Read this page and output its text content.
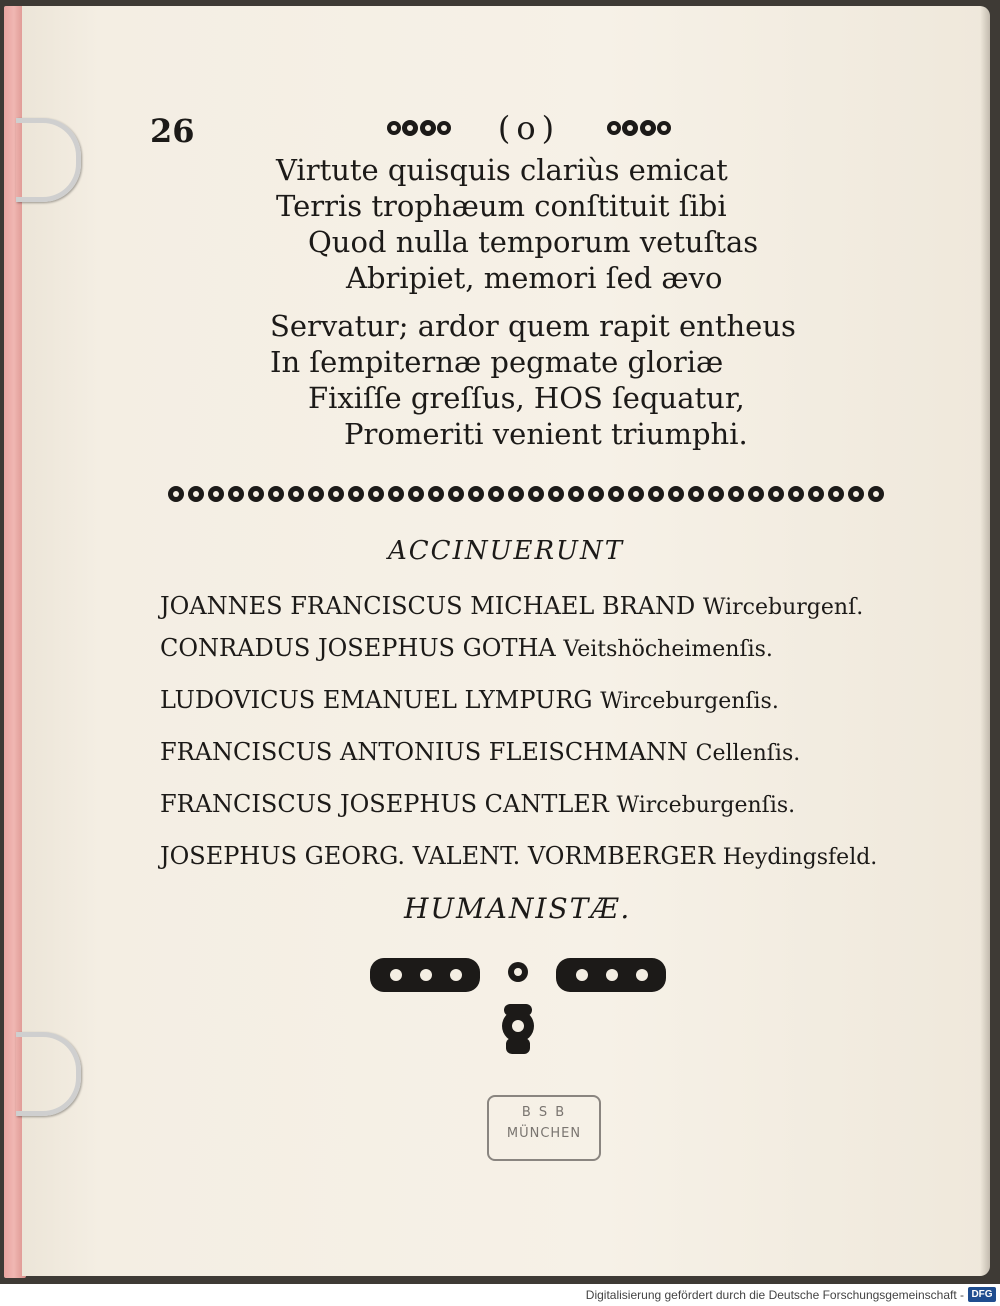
26	(o)
Virtute quisquis clariùs emicat
Terris trophæum conſtituit ſibi
Quod nulla temporum vetuſtas
Abripiet, memori ſed ævo
Servatur; ardor quem rapit entheus
In ſempiternæ pegmate gloriæ
Fixiſſe greſſus, HOS ſequatur,
Promeriti venient triumphi.
ACCINUERUNT
JOANNES FRANCISCUS MICHAEL BRAND Wirceburgenſ.
CONRADUS JOSEPHUS GOTHA Veitshöcheimenſis.
LUDOVICUS EMANUEL LYMPURG Wirceburgenſis.
FRANCISCUS ANTONIUS FLEISCHMANN Cellenſis.
FRANCISCUS JOSEPHUS CANTLER Wirceburgenſis.
JOSEPHUS GEORG. VALENT. VORMBERGER Heydingsfeld.
HUMANISTÆ.
B S B
MÜNCHEN
Digitalisierung gefördert durch die Deutsche Forschungsgemeinschaft - DFG
